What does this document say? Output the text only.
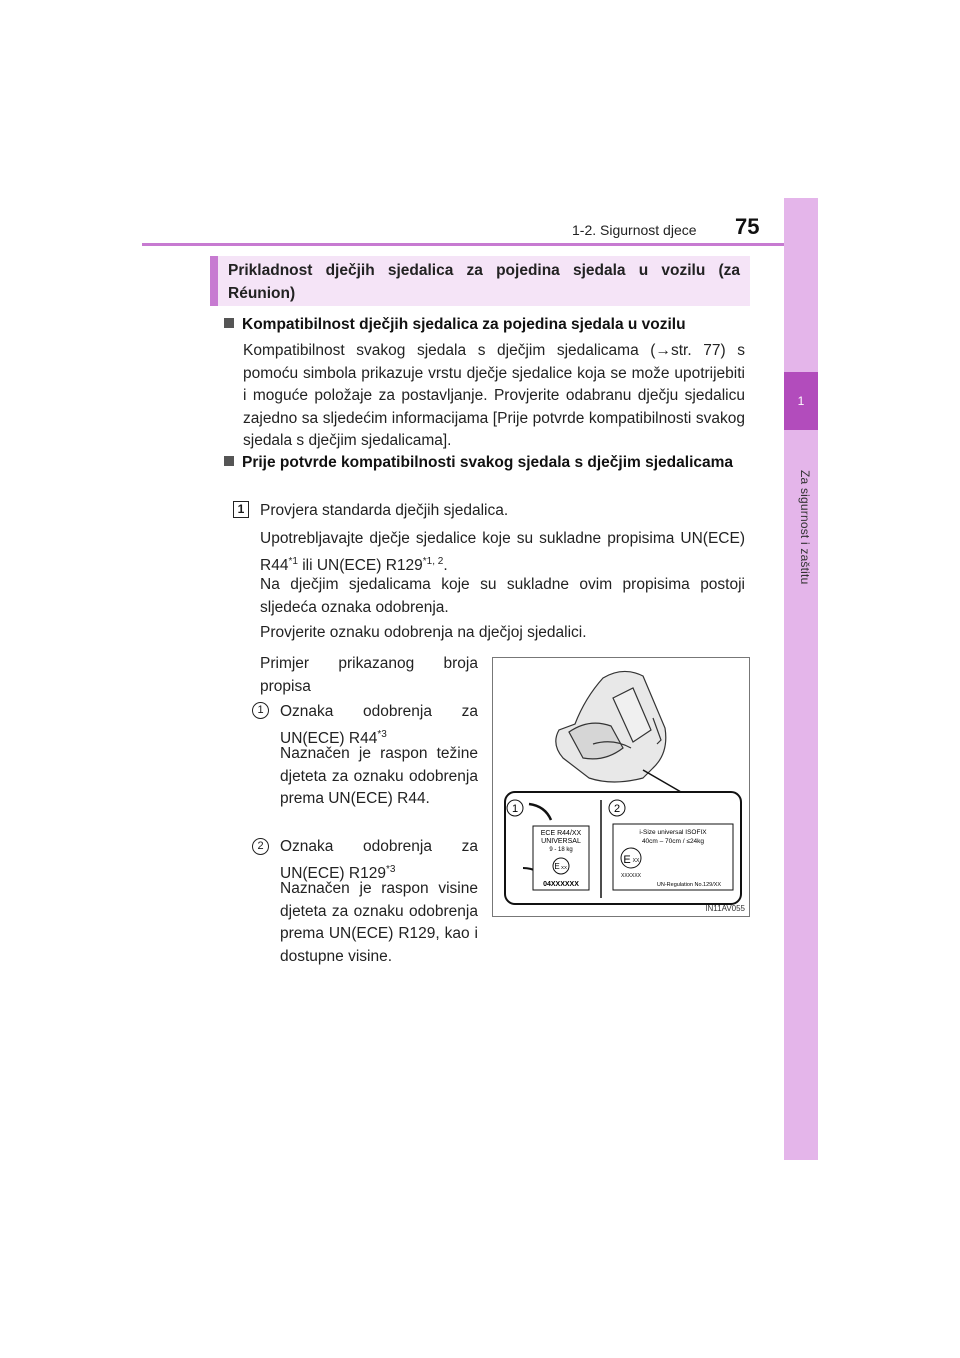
1-2. Sigurnost djece 75
1
Za sigurnost i zaštitu
Prikladnost dječjih sjedalica za pojedina sjedala u vozilu (za Réunion)
Kompatibilnost dječjih sjedalica za pojedina sjedala u vozilu
Kompatibilnost svakog sjedala s dječjim sjedalicama (→str. 77) s pomoću simbola prikazuje vrstu dječje sjedalice koja se može upotrijebiti i moguće položaje za postavljanje. Provjerite odabranu dječju sjedalicu zajedno sa sljedećim informacijama [Prije potvrde kompatibilnosti svakog sjedala s dječjim sjedalicama].
Prije potvrde kompatibilnosti svakog sjedala s dječjim sjedalicama
1	Provjera standarda dječjih sjedalica.
Upotrebljavajte dječje sjedalice koje su sukladne propisima UN(ECE) R44$^{*1}$ ili UN(ECE) R129$^{*1, 2}$.
Na dječjim sjedalicama koje su sukladne ovim propisima postoji sljedeća oznaka odobrenja.
Provjerite oznaku odobrenja na dječjoj sjedalici.
Primjer prikazanog broja propisa
1	Oznaka odobrenja za UN(ECE) R44$^{*3}$
Naznačen je raspon težine djeteta za oznaku odobrenja prema UN(ECE) R44.
2	Oznaka odobrenja za UN(ECE) R129$^{*3}$
Naznačen je raspon visine djeteta za oznaku odobrenja prema UN(ECE) R129, kao i dostupne visine.
1	2
ECE R44/XX
UNIVERSAL
9 - 18 kg
E XX
04XXXXXX
i-Size universal ISOFIX
40cm – 70cm / ≤24kg
E XX
XXXXXX
UN-Regulation No.129/XX
IN11AV055
